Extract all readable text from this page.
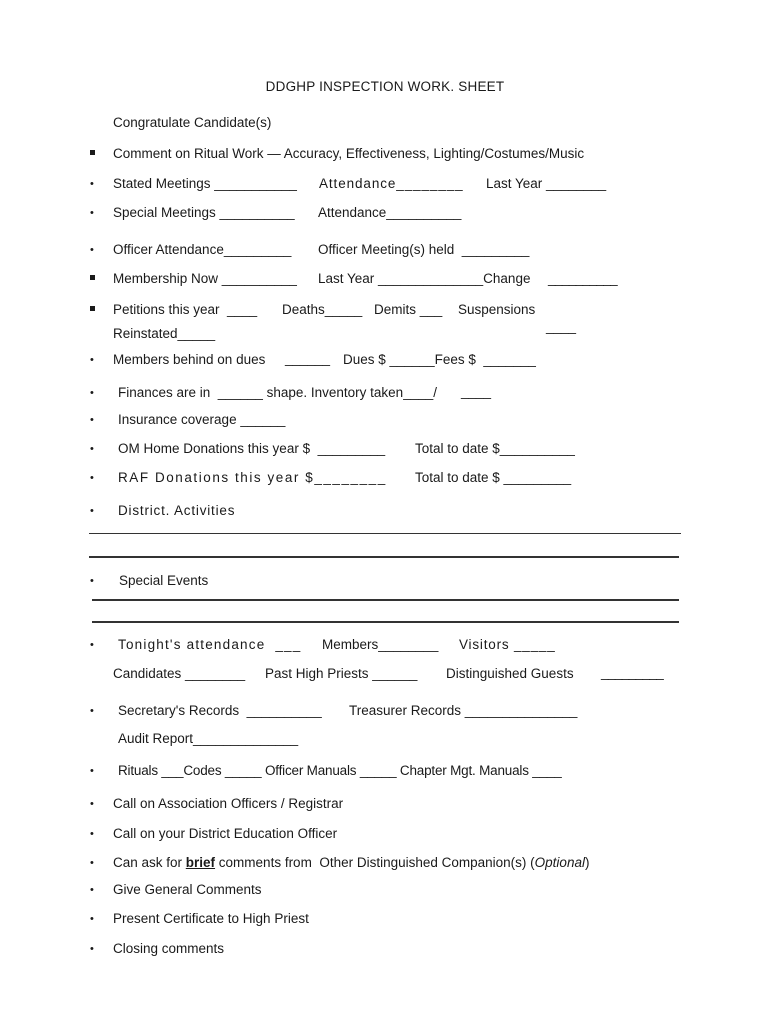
DDGHP INSPECTION WORK. SHEET
Congratulate Candidate(s)
Comment on Ritual Work — Accuracy, Effectiveness, Lighting/Costumes/Music
• Stated Meetings ___________ Attendance________ Last Year ________
• Special Meetings __________ Attendance__________
• Officer Attendance_________ Officer Meeting(s) held  _________
Membership Now __________ Last Year ______________Change __________
Petitions this year  ____ Deaths_____ Demits ___ Suspensions
____
Reinstated_____
• Members behind on dues ______ Dues $ ______Fees $  _______
• Finances are in  ______ shape. Inventory taken____/ ____
• Insurance coverage ______
• OM Home Donations this year $  _________ Total to date $__________
• RAF Donations this year $________ Total to date $ _________
• District. Activities
• Special Events
• Tonight's attendance  ___ Members________ Visitors _____
Candidates ________ Past High Priests ______ Distinguished Guests _________
• Secretary's Records  __________ Treasurer Records _______________
Audit Report______________
• Rituals ___Codes _____ Officer Manuals _____ Chapter Mgt. Manuals ____
• Call on Association Officers / Registrar
• Call on your District Education Officer
• Can ask for brief comments from  Other Distinguished Companion(s) (Optional)
• Give General Comments
• Present Certificate to High Priest
• Closing comments
